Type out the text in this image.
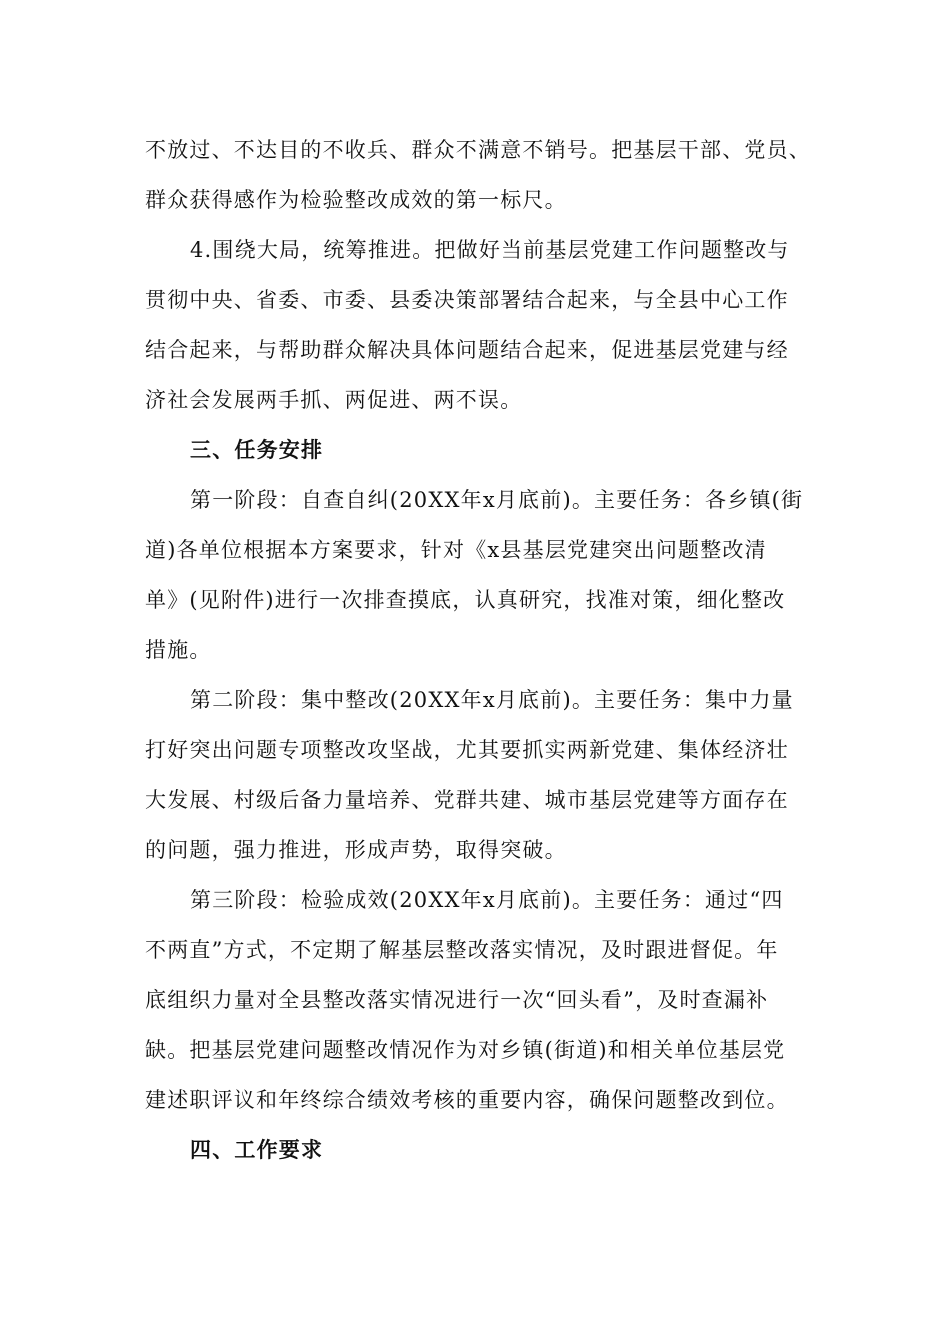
不放过、不达目的不收兵、群众不满意不销号。把基层干部、党员、
群众获得感作为检验整改成效的第一标尺。
4.围绕大局，统筹推进。把做好当前基层党建工作问题整改与
贯彻中央、省委、市委、县委决策部署结合起来，与全县中心工作
结合起来，与帮助群众解决具体问题结合起来，促进基层党建与经
济社会发展两手抓、两促进、两不误。
三、任务安排
第一阶段：自查自纠(20XX年x月底前)。主要任务：各乡镇(街
道)各单位根据本方案要求，针对《x县基层党建突出问题整改清
单》(见附件)进行一次排查摸底，认真研究，找准对策，细化整改
措施。
第二阶段：集中整改(20XX年x月底前)。主要任务：集中力量
打好突出问题专项整改攻坚战，尤其要抓实两新党建、集体经济壮
大发展、村级后备力量培养、党群共建、城市基层党建等方面存在
的问题，强力推进，形成声势，取得突破。
第三阶段：检验成效(20XX年x月底前)。主要任务：通过“四
不两直”方式，不定期了解基层整改落实情况，及时跟进督促。年
底组织力量对全县整改落实情况进行一次“回头看”，及时查漏补
缺。把基层党建问题整改情况作为对乡镇(街道)和相关单位基层党
建述职评议和年终综合绩效考核的重要内容，确保问题整改到位。
四、工作要求
